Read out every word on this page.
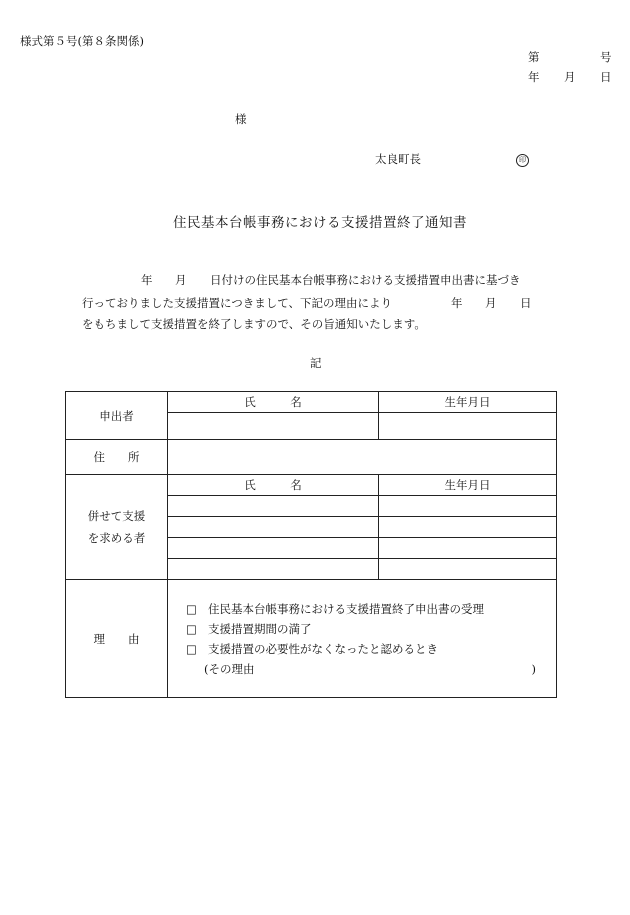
様式第５号(第８条関係)
第	号
年 月 日
様
太良町長	印
住民基本台帳事務における支援措置終了通知書
年 月 日付けの住民基本台帳事務における支援措置申出書に基づき
行っておりました支援措置につきまして、下記の理由により	年 月 日
をもちまして支援措置を終了しますので、その旨通知いたします。
記
申出者	氏　　　名	生年月日

住　　所		

併せて支援
を求める者	氏　　　名	生年月日

理　　由	□ 住民基本台帳事務における支援措置終了申出書の受理
□ 支援措置期間の満了
□ 支援措置の必要性がなくなったと認めるとき
(その理由 )	
